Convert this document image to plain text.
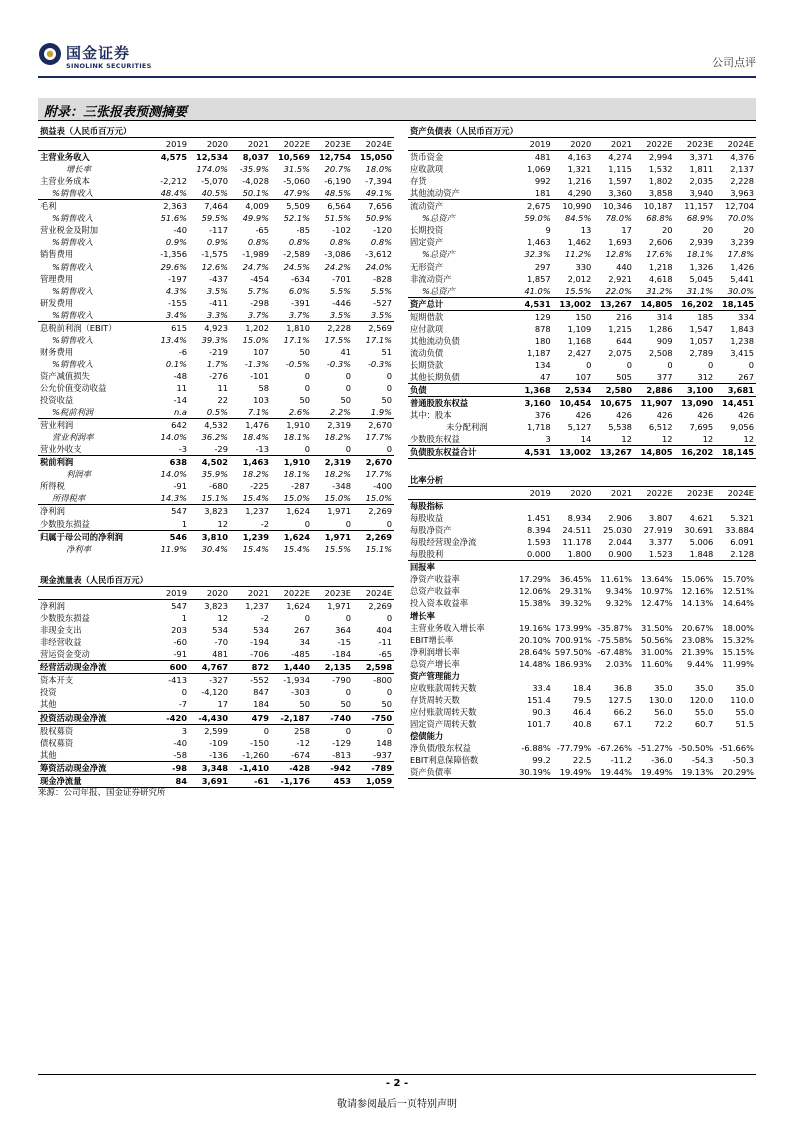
国金证券
SINOLINK SECURITIES	公司点评
附录：三张报表预测摘要
损益表（人民币百万元）						
	2019	2020	2021	2022E	2023E	2024E
主营业务收入	4,575	12,534	8,037	10,569	12,754	15,050
增长率		174.0%	-35.9%	31.5%	20.7%	18.0%
主营业务成本	-2,212	-5,070	-4,028	-5,060	-6,190	-7,394
%销售收入	48.4%	40.5%	50.1%	47.9%	48.5%	49.1%
毛利	2,363	7,464	4,009	5,509	6,564	7,656
%销售收入	51.6%	59.5%	49.9%	52.1%	51.5%	50.9%
营业税金及附加	-40	-117	-65	-85	-102	-120
%销售收入	0.9%	0.9%	0.8%	0.8%	0.8%	0.8%
销售费用	-1,356	-1,575	-1,989	-2,589	-3,086	-3,612
%销售收入	29.6%	12.6%	24.7%	24.5%	24.2%	24.0%
管理费用	-197	-437	-454	-634	-701	-828
%销售收入	4.3%	3.5%	5.7%	6.0%	5.5%	5.5%
研发费用	-155	-411	-298	-391	-446	-527
%销售收入	3.4%	3.3%	3.7%	3.7%	3.5%	3.5%
息税前利润（EBIT）	615	4,923	1,202	1,810	2,228	2,569
%销售收入	13.4%	39.3%	15.0%	17.1%	17.5%	17.1%
财务费用	-6	-219	107	50	41	51
%销售收入	0.1%	1.7%	-1.3%	-0.5%	-0.3%	-0.3%
资产减值损失	-48	-276	-101	0	0	0
公允价值变动收益	11	11	58	0	0	0
投资收益	-14	22	103	50	50	50
%税前利润	n.a	0.5%	7.1%	2.6%	2.2%	1.9%
营业利润	642	4,532	1,476	1,910	2,319	2,670
营业利润率	14.0%	36.2%	18.4%	18.1%	18.2%	17.7%
营业外收支	-3	-29	-13	0	0	0
税前利润	638	4,502	1,463	1,910	2,319	2,670
利润率	14.0%	35.9%	18.2%	18.1%	18.2%	17.7%
所得税	-91	-680	-225	-287	-348	-400
所得税率	14.3%	15.1%	15.4%	15.0%	15.0%	15.0%
净利润	547	3,823	1,237	1,624	1,971	2,269
少数股东损益	1	12	-2	0	0	0
归属于母公司的净利润	546	3,810	1,239	1,624	1,971	2,269
净利率	11.9%	30.4%	15.4%	15.4%	15.5%	15.1%
资产负债表（人民币百万元）						
	2019	2020	2021	2022E	2023E	2024E
货币资金	481	4,163	4,274	2,994	3,371	4,376
应收款项	1,069	1,321	1,115	1,532	1,811	2,137
存货	992	1,216	1,597	1,802	2,035	2,228
其他流动资产	181	4,290	3,360	3,858	3,940	3,963
流动资产	2,675	10,990	10,346	10,187	11,157	12,704
%总资产	59.0%	84.5%	78.0%	68.8%	68.9%	70.0%
长期投资	9	13	17	20	20	20
固定资产	1,463	1,462	1,693	2,606	2,939	3,239
%总资产	32.3%	11.2%	12.8%	17.6%	18.1%	17.8%
无形资产	297	330	440	1,218	1,326	1,426
非流动资产	1,857	2,012	2,921	4,618	5,045	5,441
%总资产	41.0%	15.5%	22.0%	31.2%	31.1%	30.0%
资产总计	4,531	13,002	13,267	14,805	16,202	18,145
短期借款	129	150	216	314	185	334
应付款项	878	1,109	1,215	1,286	1,547	1,843
其他流动负债	180	1,168	644	909	1,057	1,238
流动负债	1,187	2,427	2,075	2,508	2,789	3,415
长期贷款	134	0	0	0	0	0
其他长期负债	47	107	505	377	312	267
负债	1,368	2,534	2,580	2,886	3,100	3,681
普通股股东权益	3,160	10,454	10,675	11,907	13,090	14,451
其中：股本	376	426	426	426	426	426
未分配利润	1,718	5,127	5,538	6,512	7,695	9,056
少数股东权益	3	14	12	12	12	12
负债股东权益合计	4,531	13,002	13,267	14,805	16,202	18,145
比率分析						
	2019	2020	2021	2022E	2023E	2024E
每股指标						
每股收益	1.451	8.934	2.906	3.807	4.621	5.321
每股净资产	8.394	24.511	25.030	27.919	30.691	33.884
每股经营现金净流	1.593	11.178	2.044	3.377	5.006	6.091
每股股利	0.000	1.800	0.900	1.523	1.848	2.128
回报率						
净资产收益率	17.29%	36.45%	11.61%	13.64%	15.06%	15.70%
总资产收益率	12.06%	29.31%	9.34%	10.97%	12.16%	12.51%
投入资本收益率	15.38%	39.32%	9.32%	12.47%	14.13%	14.64%
增长率						
主营业务收入增长率	19.16%	173.99%	-35.87%	31.50%	20.67%	18.00%
EBIT增长率	20.10%	700.91%	-75.58%	50.56%	23.08%	15.32%
净利润增长率	28.64%	597.50%	-67.48%	31.00%	21.39%	15.15%
总资产增长率	14.48%	186.93%	2.03%	11.60%	9.44%	11.99%
资产管理能力						
应收账款周转天数	33.4	18.4	36.8	35.0	35.0	35.0
存货周转天数	151.4	79.5	127.5	130.0	120.0	110.0
应付账款周转天数	90.3	46.4	66.2	56.0	55.0	55.0
固定资产周转天数	101.7	40.8	67.1	72.2	60.7	51.5
偿债能力						
净负债/股东权益	-6.88%	-77.79%	-67.26%	-51.27%	-50.50%	-51.66%
EBIT利息保障倍数	99.2	22.5	-11.2	-36.0	-54.3	-50.3
资产负债率	30.19%	19.49%	19.44%	19.49%	19.13%	20.29%
现金流量表（人民币百万元）						
	2019	2020	2021	2022E	2023E	2024E
净利润	547	3,823	1,237	1,624	1,971	2,269
少数股东损益	1	12	-2	0	0	0
非现金支出	203	534	534	267	364	404
非经营收益	-60	-70	-194	34	-15	-11
营运资金变动	-91	481	-706	-485	-184	-65
经营活动现金净流	600	4,767	872	1,440	2,135	2,598
资本开支	-413	-327	-552	-1,934	-790	-800
投资	0	-4,120	847	-303	0	0
其他	-7	17	184	50	50	50
投资活动现金净流	-420	-4,430	479	-2,187	-740	-750
股权募资	3	2,599	0	258	0	0
债权募资	-40	-109	-150	-12	-129	148
其他	-58	-136	-1,260	-674	-813	-937
筹资活动现金净流	-98	3,348	-1,410	-428	-942	-789
现金净流量	84	3,691	-61	-1,176	453	1,059
来源：公司年报、国金证券研究所
- 2 -
敬请参阅最后一页特别声明
